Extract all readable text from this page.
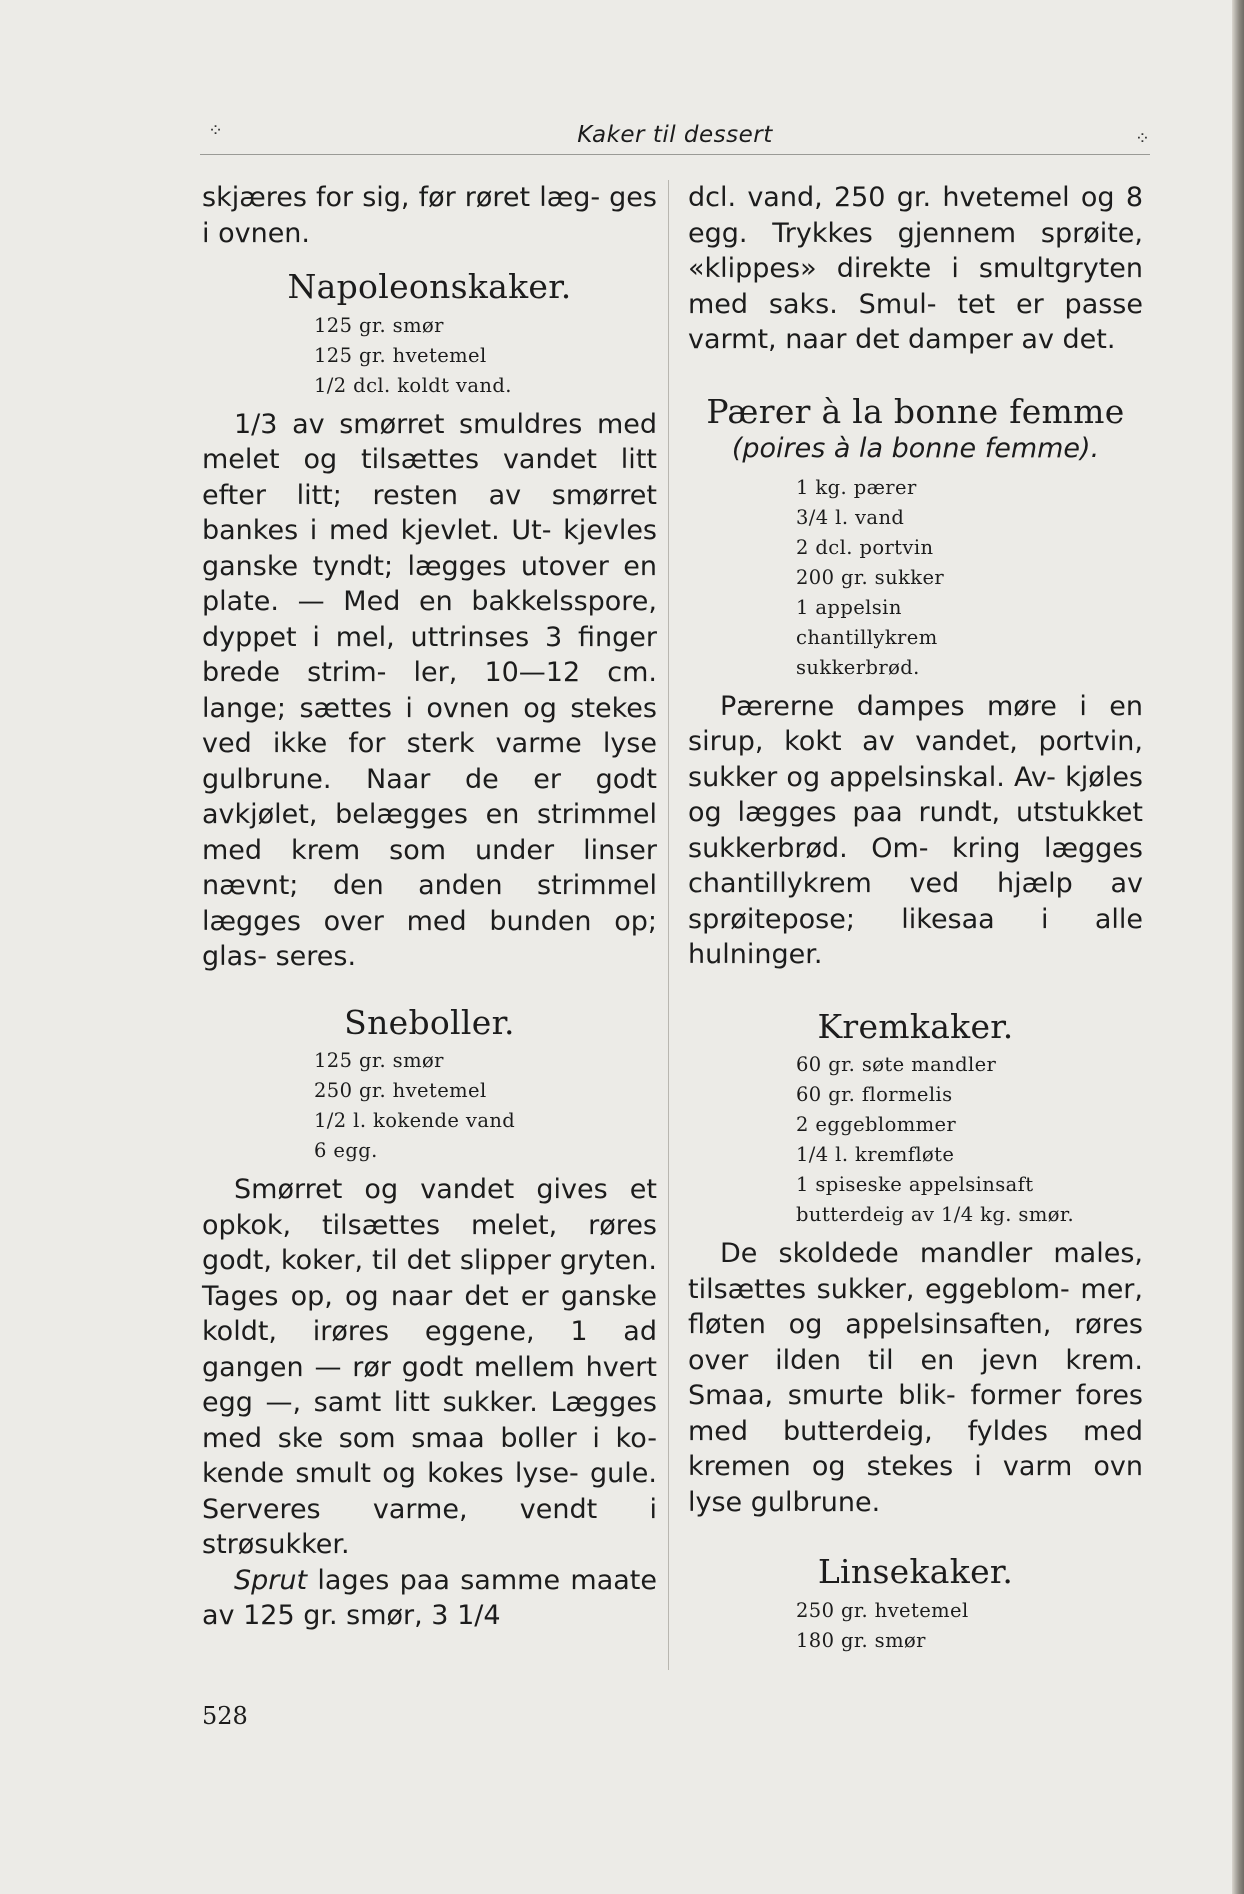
⁘	Kaker til dessert	⁘

skjæres for sig, før røret læg- ges i ovnen.

Napoleonskaker.
125 gr. smør
125 gr. hvetemel
1/2 dcl. koldt vand.

1/3 av smørret smuldres med melet og tilsættes vandet litt efter litt; resten av smørret bankes i med kjevlet. Ut- kjevles ganske tyndt; lægges utover en plate. — Med en bakkelsspore, dyppet i mel, uttrinses 3 finger brede strim- ler, 10—12 cm. lange; sættes i ovnen og stekes ved ikke for sterk varme lyse gulbrune. Naar de er godt avkjølet, belægges en strimmel med krem som under linser nævnt; den anden strimmel lægges over med bunden op; glas- seres.

Sneboller.
125 gr. smør
250 gr. hvetemel
1/2 l. kokende vand
6 egg.

Smørret og vandet gives et opkok, tilsættes melet, røres godt, koker, til det slipper gryten. Tages op, og naar det er ganske koldt, irøres eggene, 1 ad gangen — rør godt mellem hvert egg —, samt litt sukker. Lægges med ske som smaa boller i ko- kende smult og kokes lyse- gule. Serveres varme, vendt i strøsukker.

Sprut lages paa samme maate av 125 gr. smør, 3 1/4

dcl. vand, 250 gr. hvetemel og 8 egg. Trykkes gjennem sprøite, «klippes» direkte i smultgryten med saks. Smul- tet er passe varmt, naar det damper av det.

Pærer à la bonne femme
(poires à la bonne femme).
1 kg. pærer
3/4 l. vand
2 dcl. portvin
200 gr. sukker
1 appelsin
chantillykrem
sukkerbrød.

Pærerne dampes møre i en sirup, kokt av vandet, portvin, sukker og appelsinskal. Av- kjøles og lægges paa rundt, utstukket sukkerbrød. Om- kring lægges chantillykrem ved hjælp av sprøitepose; likesaa i alle hulninger.

Kremkaker.
60 gr. søte mandler
60 gr. flormelis
2 eggeblommer
1/4 l. kremfløte
1 spiseske appelsinsaft
butterdeig av 1/4 kg. smør.

De skoldede mandler males, tilsættes sukker, eggeblom- mer, fløten og appelsinsaften, røres over ilden til en jevn krem. Smaa, smurte blik- former fores med butterdeig, fyldes med kremen og stekes i varm ovn lyse gulbrune.

Linsekaker.
250 gr. hvetemel
180 gr. smør
528
